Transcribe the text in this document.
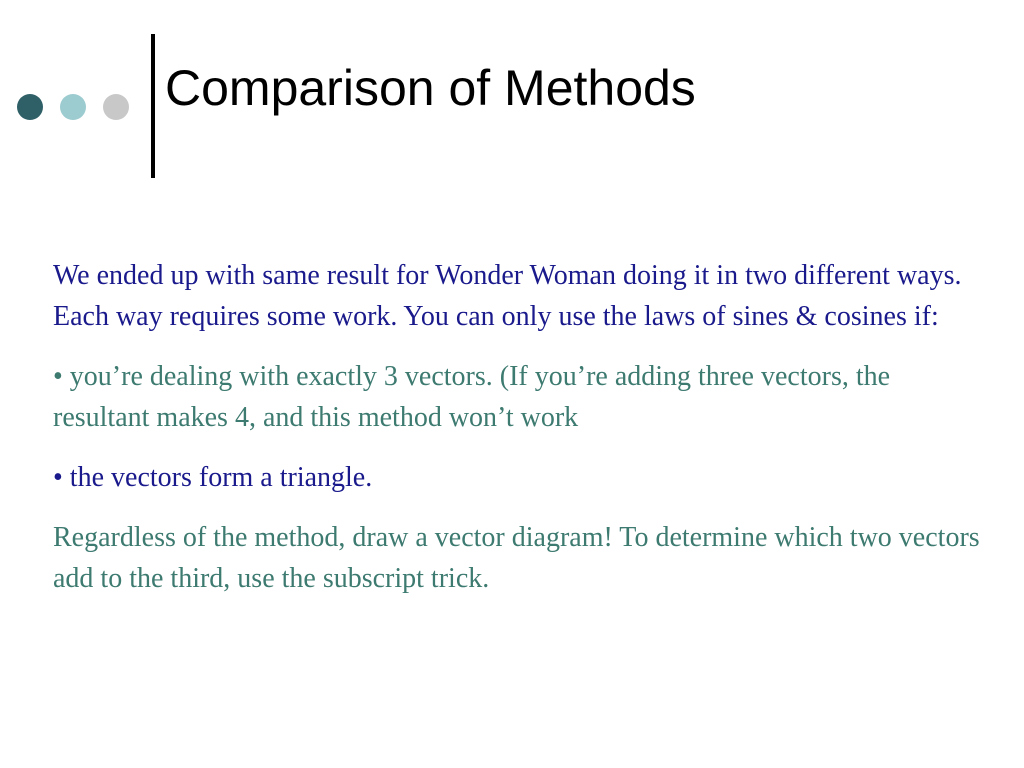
Comparison of Methods

We ended up with same result for Wonder Woman doing it in two different ways. Each way requires some work. You can only use the laws of sines & cosines if:

• you’re dealing with exactly 3 vectors. (If you’re adding three vectors, the resultant makes 4, and this method won’t work

• the vectors form a triangle.

Regardless of the method, draw a vector diagram! To determine which two vectors add to the third, use the subscript trick.
